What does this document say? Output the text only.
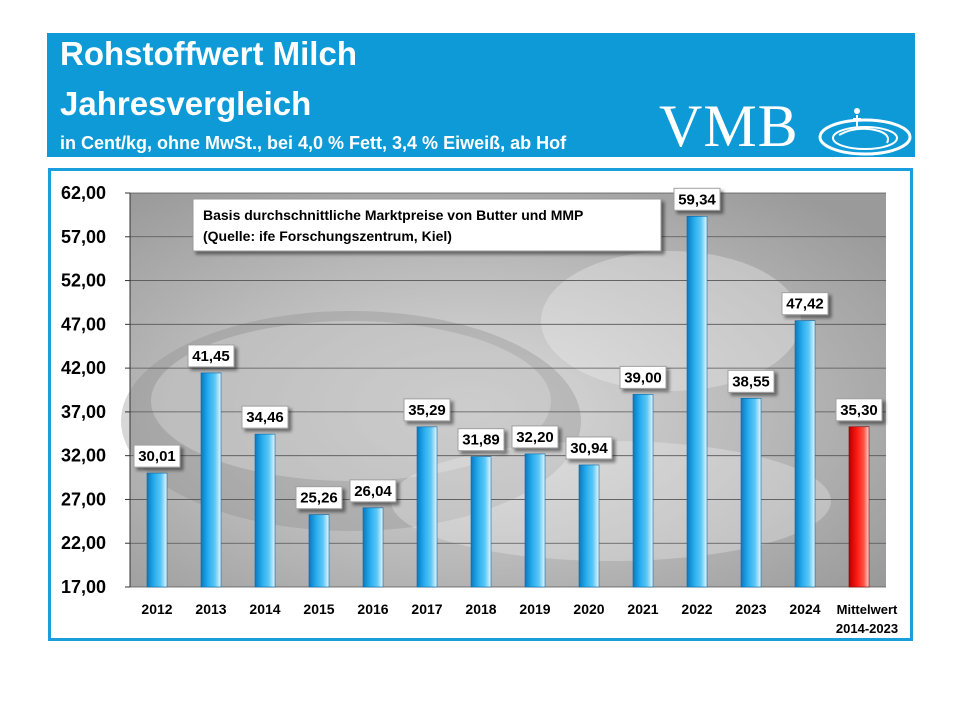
Rohstoffwert Milch
Jahresvergleich
in Cent/kg, ohne MwSt., bei 4,0 % Fett, 3,4 % Eiweiß, ab Hof VMB
17,00
22,00
27,00
32,00
37,00
42,00
47,00
52,00
57,00
62,00
30,01
41,45
34,46
25,26 26,04
35,29
31,89 32,20
30,94
39,00
59,34
38,55
47,42
35,30
2012 2013 2014 2015 2016 2017 2018 2019 2020 2021 2022 2023 2024 Mittelwert
2014-2023
Basis durchschnittliche Marktpreise von Butter und MMP
(Quelle: ife Forschungszentrum, Kiel)
